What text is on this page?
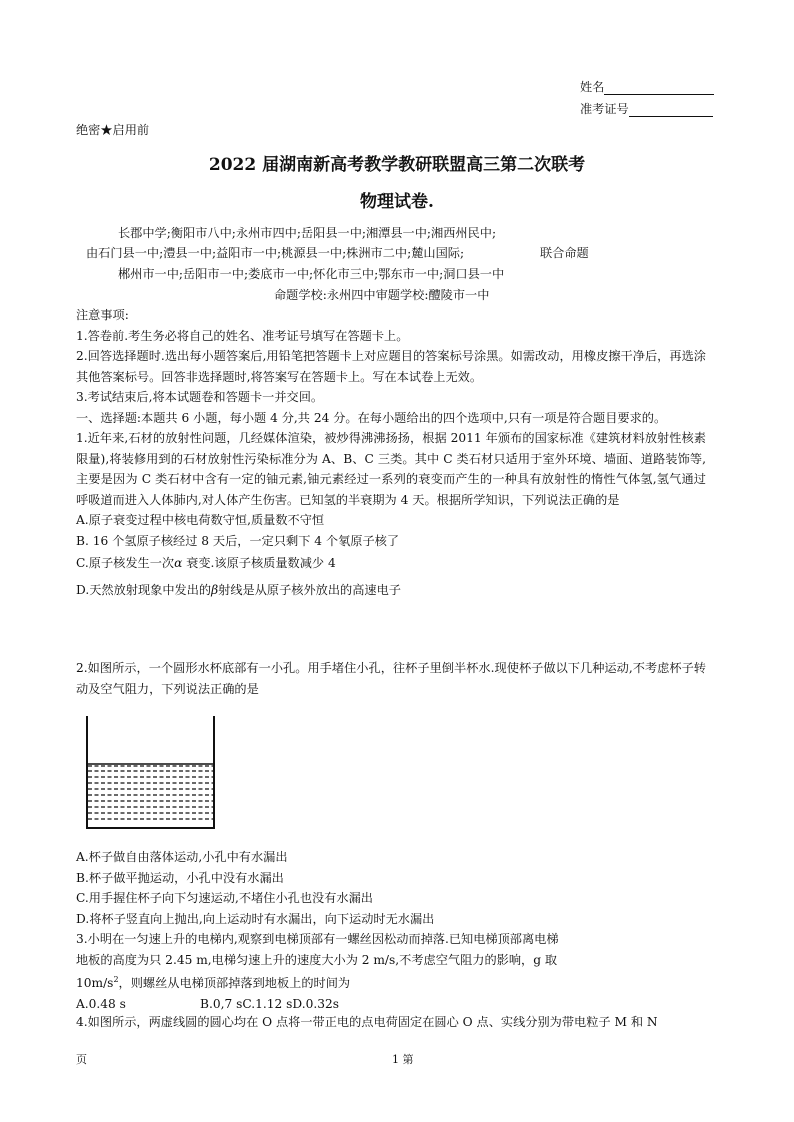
姓名
准考证号
绝密★启用前
2022 届湖南新高考教学教研联盟高三第二次联考
物理试卷.
长郡中学;衡阳市八中;永州市四中;岳阳县一中;湘潭县一中;湘西州民中;
由石门县一中;澧县一中;益阳市一中;桃源县一中;株洲市二中;麓山国际;	联合命题
郴州市一中;岳阳市一中;娄底市一中;怀化市三中;鄂东市一中;洞口县一中
命题学校:永州四中审题学校:醴陵市一中

注意事项:

1.答卷前.考生务必将自己的姓名、准考证号填写在答题卡上。

2.回答选择题时.选出每小题答案后,用铅笔把答题卡上对应题目的答案标号涂黑。如需改动，用橡皮擦干净后，再选涂其他答案标号。回答非选择题时,将答案写在答题卡上。写在本试卷上无效。

3.考试结束后,将本试题卷和答题卡一并交回。

一、选择题:本题共 6 小题，每小题 4 分,共 24 分。在每小题给出的四个选项中,只有一项是符合题目要求的。

1.近年来,石材的放射性问题，几经媒体渲染，被炒得沸沸扬扬，根据 2011 年颁布的国家标准《建筑材料放射性核素限量),将装修用到的石材放射性污染标准分为 A、B、C 三类。其中 C 类石材只适用于室外环境、墙面、道路装饰等,主要是因为 C 类石材中含有一定的铀元素,铀元素经过一系列的衰变而产生的一种具有放射性的惰性气体氢,氢气通过呼吸道而进入人体肺内,对人体产生伤害。已知氢的半衰期为 4 天。根据所学知识，下列说法正确的是

A.原子衰变过程中核电荷数守恒,质量数不守恒

B. 16 个氢原子核经过 8 天后，一定只剩下 4 个氡原子核了

C.原子核发生一次α 衰变.该原子核质量数减少 4

D.天然放射现象中发出的β射线是从原子核外放出的高速电子

2.如图所示，一个圆形水杯底部有一小孔。用手堵住小孔，往杯子里倒半杯水.现使杯子做以下几种运动,不考虑杯子转动及空气阻力，下列说法正确的是

A.杯子做自由落体运动,小孔中有水漏出

B.杯子做平抛运动，小孔中没有水漏出

C.用手握住杯子向下匀速运动,不堵住小孔也没有水漏出

D.将杯子竖直向上抛出,向上运动时有水漏出，向下运动时无水漏出

3.小明在一匀速上升的电梯内,观察到电梯顶部有一螺丝因松动而掉落.已知电梯顶部离电梯

地板的高度为只 2.45 m,电梯匀速上升的速度大小为 2 m/s,不考虑空气阻力的影响，g 取

$10m/s^2$，则螺丝从电梯顶部掉落到地板上的时间为

A.0.48 s	B.0,7 sC.1.12 sD.0.32s

4.如图所示，两虚线圆的圆心均在 O 点将一带正电的点电荷固定在圆心 O 点、实线分别为带电粒子 M 和 N
页	1 第
